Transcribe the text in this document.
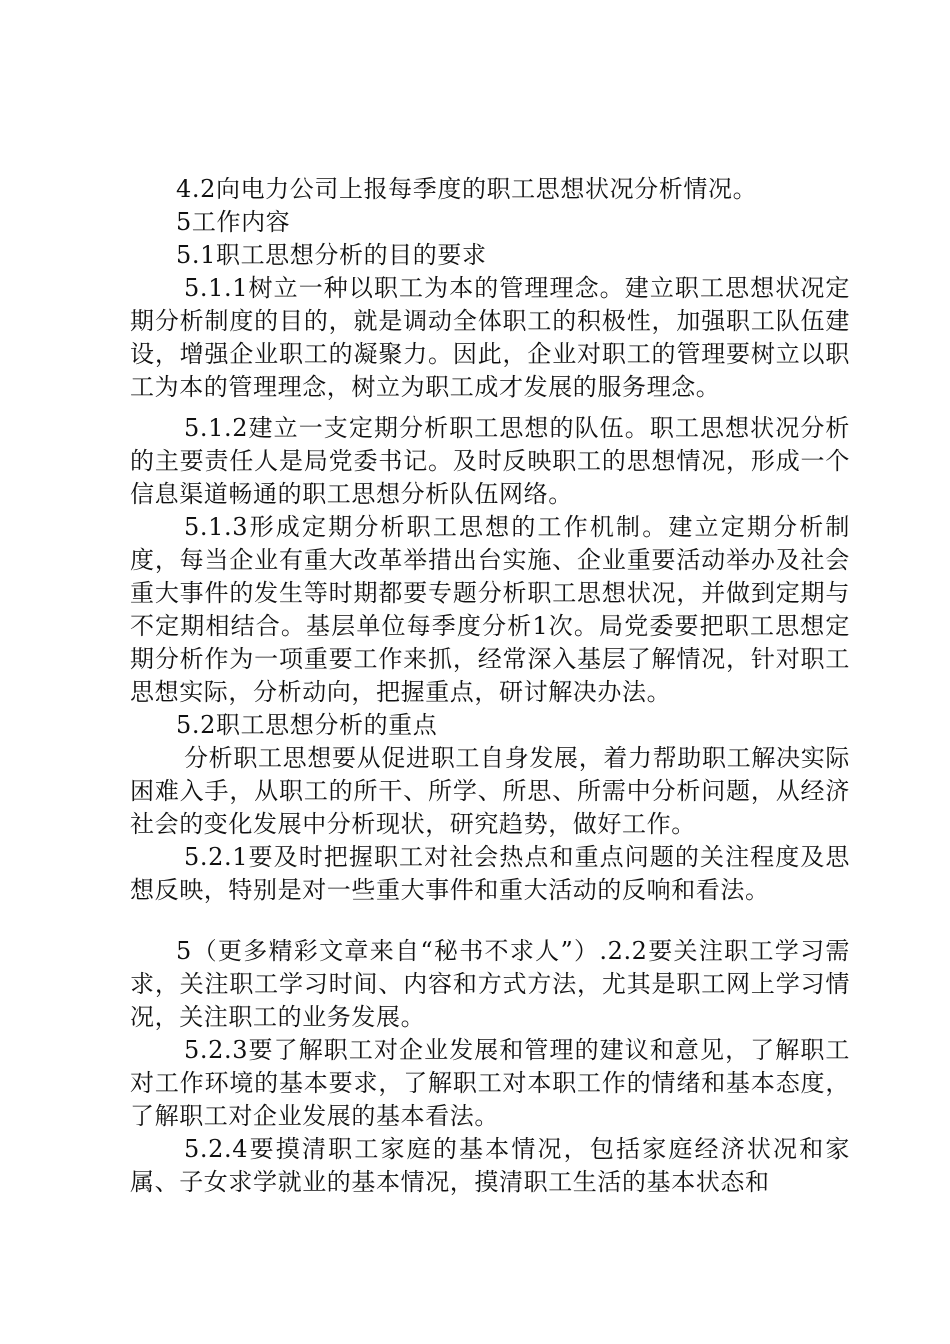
4.2向电力公司上报每季度的职工思想状况分析情况。

5工作内容

5.1职工思想分析的目的要求

5.1.1树立一种以职工为本的管理理念。建立职工思想状况定期分析制度的目的，就是调动全体职工的积极性，加强职工队伍建设，增强企业职工的凝聚力。因此，企业对职工的管理要树立以职工为本的管理理念，树立为职工成才发展的服务理念。

5.1.2建立一支定期分析职工思想的队伍。职工思想状况分析的主要责任人是局党委书记。及时反映职工的思想情况，形成一个信息渠道畅通的职工思想分析队伍网络。

5.1.3形成定期分析职工思想的工作机制。建立定期分析制度，每当企业有重大改革举措出台实施、企业重要活动举办及社会重大事件的发生等时期都要专题分析职工思想状况，并做到定期与不定期相结合。基层单位每季度分析1次。局党委要把职工思想定期分析作为一项重要工作来抓，经常深入基层了解情况，针对职工思想实际，分析动向，把握重点，研讨解决办法。

5.2职工思想分析的重点

分析职工思想要从促进职工自身发展，着力帮助职工解决实际困难入手，从职工的所干、所学、所思、所需中分析问题，从经济社会的变化发展中分析现状，研究趋势，做好工作。

5.2.1要及时把握职工对社会热点和重点问题的关注程度及思想反映，特别是对一些重大事件和重大活动的反响和看法。

5（更多精彩文章来自“秘书不求人”）.2.2要关注职工学习需求，关注职工学习时间、内容和方式方法，尤其是职工网上学习情况，关注职工的业务发展。

5.2.3要了解职工对企业发展和管理的建议和意见，了解职工对工作环境的基本要求，了解职工对本职工作的情绪和基本态度，了解职工对企业发展的基本看法。

5.2.4要摸清职工家庭的基本情况，包括家庭经济状况和家属、子女求学就业的基本情况，摸清职工生活的基本状态和
